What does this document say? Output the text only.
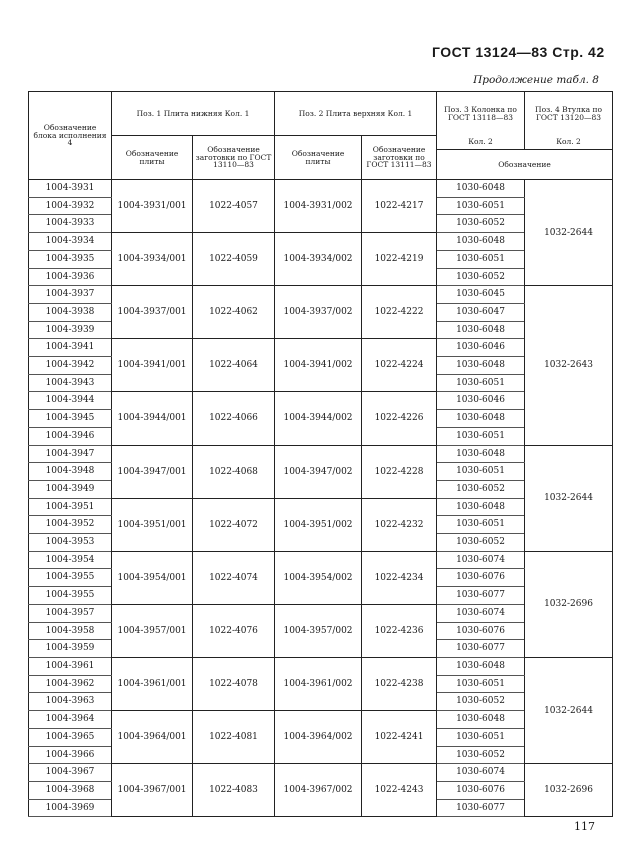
ГОСТ 13124—83 Стр. 42
Продолжение табл. 8
Обозначение блока исполнения 4	Поз. 1 Плита нижняя Кол. 1		Поз. 2 Плита верхняя Кол. 1		Поз. 3 Колонка по ГОСТ 13118—83	Поз. 4 Втулка по ГОСТ 13120—83
	Обозначение плиты	Обозначение заготовки по ГОСТ 13110—83	Обозначение плиты	Обозначение заготовки по ГОСТ 13111—83	Кол. 2	Кол. 2
					Обозначение	
1004-3931	1004-3931/001	1022-4057	1004-3931/002	1022-4217	1030-6048	1032-2644
1004-3932					1030-6051	
1004-3933					1030-6052	
1004-3934	1004-3934/001	1022-4059	1004-3934/002	1022-4219	1030-6048	
1004-3935					1030-6051	
1004-3936					1030-6052	
1004-3937	1004-3937/001	1022-4062	1004-3937/002	1022-4222	1030-6045	1032-2643
1004-3938					1030-6047	
1004-3939					1030-6048	
1004-3941	1004-3941/001	1022-4064	1004-3941/002	1022-4224	1030-6046	
1004-3942					1030-6048	
1004-3943					1030-6051	
1004-3944	1004-3944/001	1022-4066	1004-3944/002	1022-4226	1030-6046	
1004-3945					1030-6048	
1004-3946					1030-6051	
1004-3947	1004-3947/001	1022-4068	1004-3947/002	1022-4228	1030-6048	1032-2644
1004-3948					1030-6051	
1004-3949					1030-6052	
1004-3951	1004-3951/001	1022-4072	1004-3951/002	1022-4232	1030-6048	
1004-3952					1030-6051	
1004-3953					1030-6052	
1004-3954	1004-3954/001	1022-4074	1004-3954/002	1022-4234	1030-6074	1032-2696
1004-3955					1030-6076	
1004-3955					1030-6077	
1004-3957	1004-3957/001	1022-4076	1004-3957/002	1022-4236	1030-6074	
1004-3958					1030-6076	
1004-3959					1030-6077	
1004-3961	1004-3961/001	1022-4078	1004-3961/002	1022-4238	1030-6048	1032-2644
1004-3962					1030-6051	
1004-3963					1030-6052	
1004-3964	1004-3964/001	1022-4081	1004-3964/002	1022-4241	1030-6048	
1004-3965					1030-6051	
1004-3966					1030-6052	
1004-3967	1004-3967/001	1022-4083	1004-3967/002	1022-4243	1030-6074	1032-2696
1004-3968					1030-6076	
1004-3969					1030-6077	
117
